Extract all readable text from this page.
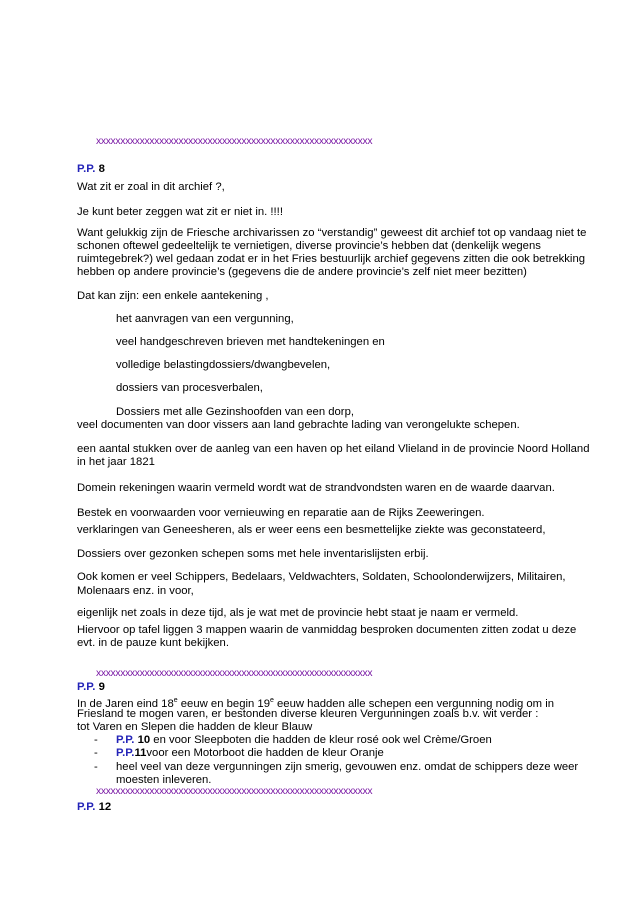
xxxxxxxxxxxxxxxxxxxxxxxxxxxxxxxxxxxxxxxxxxxxxxxxxxxxxxxxx
P.P. 8
Wat zit er zoal in dit archief ?,
Je kunt beter zeggen wat zit er niet in. !!!!
Want gelukkig zijn de Friesche archivarissen zo “verstandig” geweest dit archief tot op vandaag niet te
schonen oftewel gedeeltelijk te vernietigen, diverse provincie’s hebben dat (denkelijk wegens
ruimtegebrek?) wel gedaan zodat er in het Fries bestuurlijk archief gegevens zitten die ook betrekking
hebben op andere provincie’s (gegevens die de andere provincie’s zelf niet meer bezitten)
Dat kan zijn: een enkele aantekening ,
het aanvragen van een vergunning,
veel handgeschreven brieven met handtekeningen en
volledige belastingdossiers/dwangbevelen,
dossiers van procesverbalen,
Dossiers met alle Gezinshoofden van een dorp,
veel documenten van door vissers aan land gebrachte lading van verongelukte schepen.
een aantal stukken over de aanleg van een haven op het eiland Vlieland in de provincie Noord Holland
in het jaar 1821
Domein rekeningen waarin vermeld wordt wat de strandvondsten waren en de waarde daarvan.
Bestek en voorwaarden voor vernieuwing en reparatie aan de Rijks Zeeweringen.
verklaringen van Geneesheren, als er weer eens een besmettelijke ziekte was geconstateerd,
Dossiers over gezonken schepen soms met hele inventarislijsten erbij.
Ook komen er veel Schippers, Bedelaars, Veldwachters, Soldaten, Schoolonderwijzers, Militairen,
Molenaars enz. in voor,
eigenlijk net zoals in deze tijd, als je wat met de provincie hebt staat je naam er vermeld.
Hiervoor op tafel liggen 3 mappen waarin de vanmiddag besproken documenten zitten zodat u deze
evt. in de pauze kunt bekijken.
xxxxxxxxxxxxxxxxxxxxxxxxxxxxxxxxxxxxxxxxxxxxxxxxxxxxxxxxx
P.P. 9
In de Jaren eind 18e eeuw en begin 19e eeuw hadden alle schepen een vergunning nodig om in
Friesland te mogen varen, er bestonden diverse kleuren Vergunningen zoals b.v. wit verder :
tot Varen en Slepen die hadden de kleur Blauw
- P.P. 10 en voor Sleepboten die hadden de kleur rosé ook wel Crème/Groen
- P.P.11voor een Motorboot die hadden de kleur Oranje
- heel veel van deze vergunningen zijn smerig, gevouwen enz. omdat de schippers deze weer
moesten inleveren.
xxxxxxxxxxxxxxxxxxxxxxxxxxxxxxxxxxxxxxxxxxxxxxxxxxxxxxxxx
P.P. 12
